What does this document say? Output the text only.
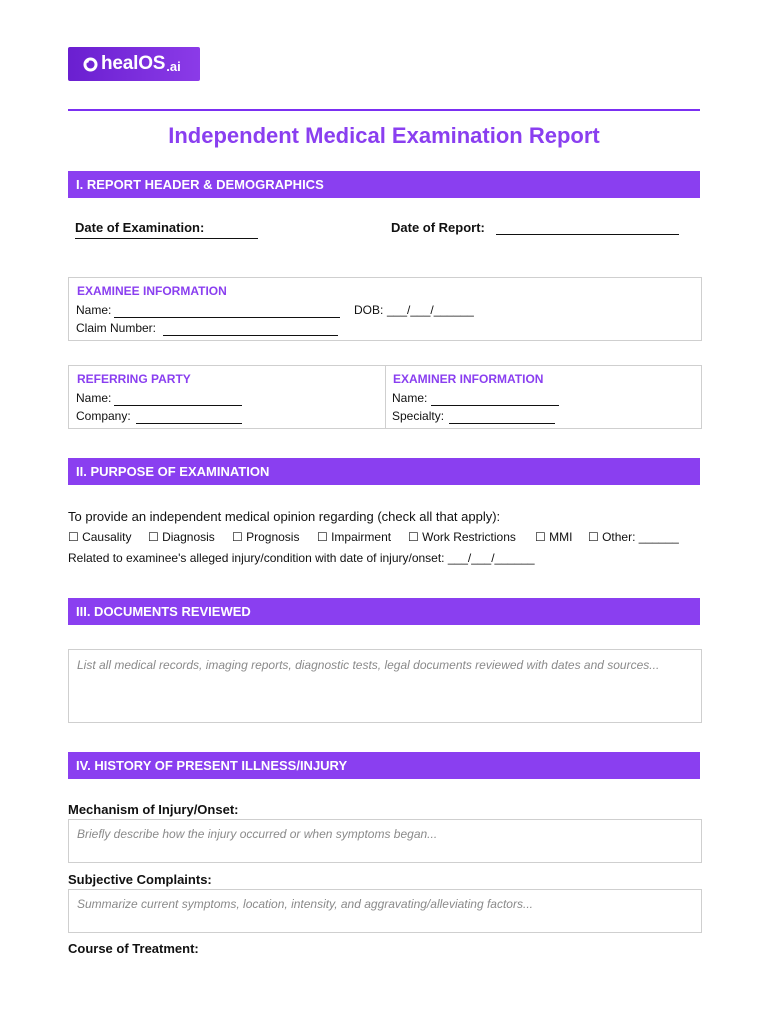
healOS .ai
Independent Medical Examination Report
I. REPORT HEADER & DEMOGRAPHICS
Date of Examination:	Date of Report:
EXAMINEE INFORMATION
Name:	DOB: ___/___/______
Claim Number:
REFERRING PARTY
Name:
Company:
EXAMINER INFORMATION
Name:
Specialty:
II. PURPOSE OF EXAMINATION
To provide an independent medical opinion regarding (check all that apply):
☐ Causality ☐ Diagnosis ☐ Prognosis ☐ Impairment ☐ Work Restrictions ☐ MMI ☐ Other: ______
Related to examinee's alleged injury/condition with date of injury/onset: ___/___/______
III. DOCUMENTS REVIEWED
List all medical records, imaging reports, diagnostic tests, legal documents reviewed with dates and sources...
IV. HISTORY OF PRESENT ILLNESS/INJURY
Mechanism of Injury/Onset:
Briefly describe how the injury occurred or when symptoms began...
Subjective Complaints:
Summarize current symptoms, location, intensity, and aggravating/alleviating factors...
Course of Treatment:
